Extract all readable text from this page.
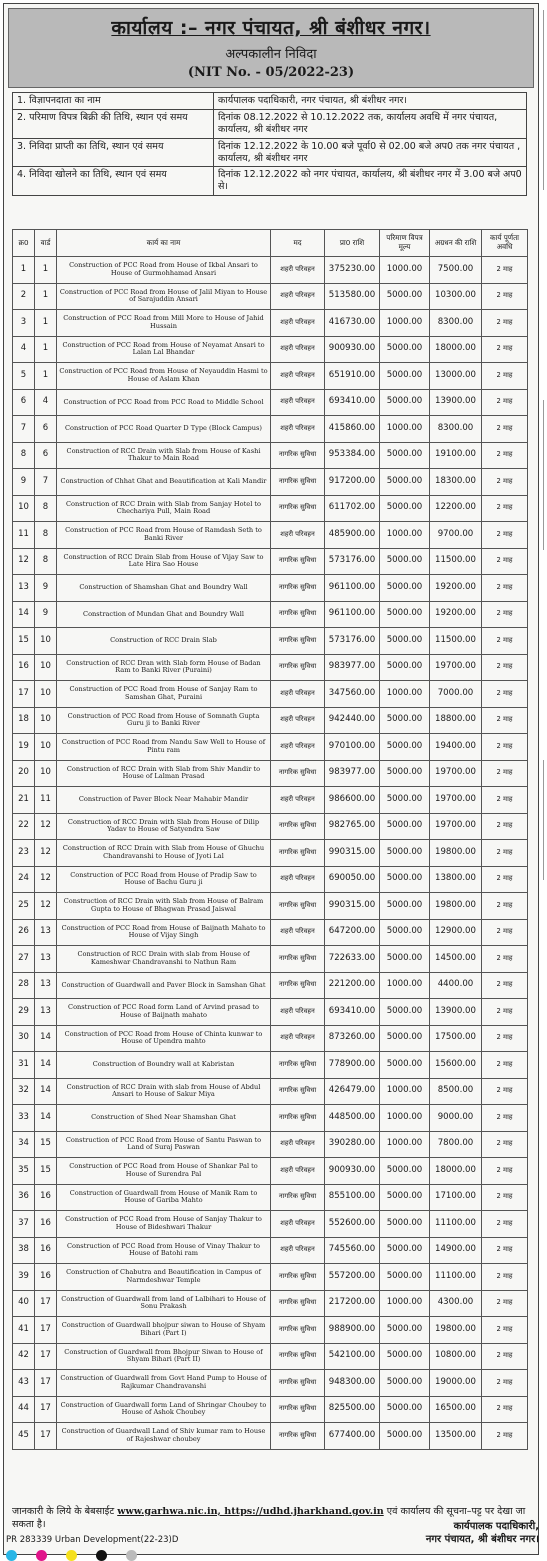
कार्यालय :– नगर पंचायत, श्री बंशीधर नगर।
अल्पकालीन निविदा
(NIT No. - 05/2022-23)
1. विज्ञापनदाता का नाम	कार्यपालक पदाधिकारी, नगर पंचायत, श्री बंशीधर नगर।
2. परिमाण विपत्र बिक्री की तिथि, स्थान एवं समय	दिनांक 08.12.2022 से 10.12.2022 तक, कार्यालय अवधि में नगर पंचायत, कार्यालय, श्री बंशीधर नगर
3. निविदा प्राप्ती का तिथि, स्थान एवं समय	दिनांक 12.12.2022 के 10.00 बजे पूर्वा0 से 02.00 बजे अप0 तक नगर पंचायत , कार्यालय, श्री बंशीधर नगर
4. निविदा खोलने का तिथि, स्थान एवं समय	दिनांक 12.12.2022 को नगर पंचायत, कार्यालय, श्री बंशीधर नगर में 3.00 बजे अप0 से।
क्र0	वार्ड	कार्य का नाम	मद	प्रा0 राशि	परिमाण विपत्र मूल्य	अग्रधन की राशि	कार्य पूर्णता अवधि
1	1	Construction of PCC Road from House of Ikbal Ansari to House of Gurmohhamad Ansari	शहरी परिवहन	375230.00	1000.00	7500.00	2 माह
2	1	Construction of PCC Road from House of Jalil Miyan to House of Sarajuddin Ansari	शहरी परिवहन	513580.00	5000.00	10300.00	2 माह
3	1	Construction of PCC Road from Mill More to House of Jahid Hussain	शहरी परिवहन	416730.00	1000.00	8300.00	2 माह
4	1	Construction of PCC Road from House of Neyamat Ansari to Lalan Lal Bhandar	शहरी परिवहन	900930.00	5000.00	18000.00	2 माह
5	1	Construction of PCC Road from House of Neyauddin Hasmi to House of Aslam Khan	शहरी परिवहन	651910.00	5000.00	13000.00	2 माह
6	4	Construction of PCC Road from PCC Road to Middle School	शहरी परिवहन	693410.00	5000.00	13900.00	2 माह
7	6	Construction of PCC Road Quarter D Type (Block Campus)	शहरी परिवहन	415860.00	1000.00	8300.00	2 माह
8	6	Construction of RCC Drain with Slab from House of Kashi Thakur to Main Road	नागरिक सुविधा	953384.00	5000.00	19100.00	2 माह
9	7	Construction of Chhat Ghat and Beautification at Kali Mandir	नागरिक सुविधा	917200.00	5000.00	18300.00	2 माह
10	8	Construction of RCC Drain with Slab from Sanjay Hotel to Chechariya Pull, Main Road	नागरिक सुविधा	611702.00	5000.00	12200.00	2 माह
11	8	Construction of PCC Road from House of Ramdash Seth to Banki River	शहरी परिवहन	485900.00	1000.00	9700.00	2 माह
12	8	Construction of RCC Drain Slab from House of Vijay Saw to Late Hira Sao House	नागरिक सुविधा	573176.00	5000.00	11500.00	2 माह
13	9	Construction of Shamshan Ghat and Boundry Wall	नागरिक सुविधा	961100.00	5000.00	19200.00	2 माह
14	9	Constraction of Mundan Ghat and Boundry Wall	नागरिक सुविधा	961100.00	5000.00	19200.00	2 माह
15	10	Construction of RCC Drain Slab	नागरिक सुविधा	573176.00	5000.00	11500.00	2 माह
16	10	Construction of RCC Dran with Slab form House of Badan Ram to Banki River (Puraini)	नागरिक सुविधा	983977.00	5000.00	19700.00	2 माह
17	10	Construction of PCC Road from House of Sanjay Ram to Samshan Ghat, Puraini	शहरी परिवहन	347560.00	1000.00	7000.00	2 माह
18	10	Construction of PCC Road from House of Somnath Gupta Guru ji to Banki River	शहरी परिवहन	942440.00	5000.00	18800.00	2 माह
19	10	Construction of PCC Road from Nandu Saw Well to House of Pintu ram	शहरी परिवहन	970100.00	5000.00	19400.00	2 माह
20	10	Construction of RCC Drain with Slab from Shiv Mandir to House of Lalman Prasad	नागरिक सुविधा	983977.00	5000.00	19700.00	2 माह
21	11	Construction of Paver Block Near Mahabir Mandir	शहरी परिवहन	986600.00	5000.00	19700.00	2 माह
22	12	Construction of RCC Drain with Slab from House of Dilip Yadav to House of Satyendra Saw	नागरिक सुविधा	982765.00	5000.00	19700.00	2 माह
23	12	Construction of RCC Drain with Slab from House of Ghuchu Chandravanshi to House of Jyoti Lal	नागरिक सुविधा	990315.00	5000.00	19800.00	2 माह
24	12	Construction of PCC Road from House of Pradip Saw to House of Bachu Guru ji	शहरी परिवहन	690050.00	5000.00	13800.00	2 माह
25	12	Construction of RCC Drain with Slab from House of Balram Gupta to House of Bhagwan Prasad Jaiswal	नागरिक सुविधा	990315.00	5000.00	19800.00	2 माह
26	13	Construction of PCC Road from House of Baijnath Mahato to House of Vijay Singh	शहरी परिवहन	647200.00	5000.00	12900.00	2 माह
27	13	Construction of RCC Drain with slab from House of Kameshwar Chandravanshi to Nathun Ram	नागरिक सुविधा	722633.00	5000.00	14500.00	2 माह
28	13	Construction of Guardwall and Paver Block in Samshan Ghat	नागरिक सुविधा	221200.00	1000.00	4400.00	2 माह
29	13	Construction of PCC Road form Land of Arvind prasad to House of Baijnath mahato	शहरी परिवहन	693410.00	5000.00	13900.00	2 माह
30	14	Construction of PCC Road from House of Chinta kunwar to House of Upendra mahto	शहरी परिवहन	873260.00	5000.00	17500.00	2 माह
31	14	Construction of Boundry wall at Kabristan	नागरिक सुविधा	778900.00	5000.00	15600.00	2 माह
32	14	Construction of RCC Drain with slab from House of Abdul Ansari to House of Sakur Miya	नागरिक सुविधा	426479.00	1000.00	8500.00	2 माह
33	14	Construction of Shed Near Shamshan Ghat	नागरिक सुविधा	448500.00	1000.00	9000.00	2 माह
34	15	Construction of PCC Road from House of Santu Paswan to Land of Suraj Paswan	शहरी परिवहन	390280.00	1000.00	7800.00	2 माह
35	15	Construction of PCC Road from House of Shankar Pal to House of Surendra Pal	शहरी परिवहन	900930.00	5000.00	18000.00	2 माह
36	16	Construction of Guardwall from House of Manik Ram to House of Gariba Mahto	नागरिक सुविधा	855100.00	5000.00	17100.00	2 माह
37	16	Construction of PCC Road from House of Sanjay Thakur to House of Bideshwari Thakur	शहरी परिवहन	552600.00	5000.00	11100.00	2 माह
38	16	Construction of PCC Road from House of Vinay Thakur to House of Batohi ram	शहरी परिवहन	745560.00	5000.00	14900.00	2 माह
39	16	Construction of Chabutra and Beautification in Campus of Narmdeshwar Temple	नागरिक सुविधा	557200.00	5000.00	11100.00	2 माह
40	17	Construction of Guardwall from land of Lalbihari to House of Sonu Prakash	नागरिक सुविधा	217200.00	1000.00	4300.00	2 माह
41	17	Construction of Guardwall bhojpur siwan to House of Shyam Bihari (Part I)	नागरिक सुविधा	988900.00	5000.00	19800.00	2 माह
42	17	Construction of Guardwall from Bhojpur Siwan to House of Shyam Bihari (Part II)	नागरिक सुविधा	542100.00	5000.00	10800.00	2 माह
43	17	Construction of Guardwall from Govt Hand Pump to House of Rajkumar Chandravanshi	नागरिक सुविधा	948300.00	5000.00	19000.00	2 माह
44	17	Construction of Guardwall form Land of Shringar Choubey to House of Ashok Choubey	नागरिक सुविधा	825500.00	5000.00	16500.00	2 माह
45	17	Construction of Guardwall Land of Shiv kumar ram to House of Rajeshwar choubey	नागरिक सुविधा	677400.00	5000.00	13500.00	2 माह
जानकारी के लिये के बेबसाईट www.garhwa.nic.in, https://udhd.jharkhand.gov.in एवं कार्यालय की सूचना–पट्ट पर देखा जा सकता है।	कार्यपालक पदाधिकारी,
नगर पंचायत, श्री बंशीधर नगर।
PR 283339 Urban Development(22-23)D
